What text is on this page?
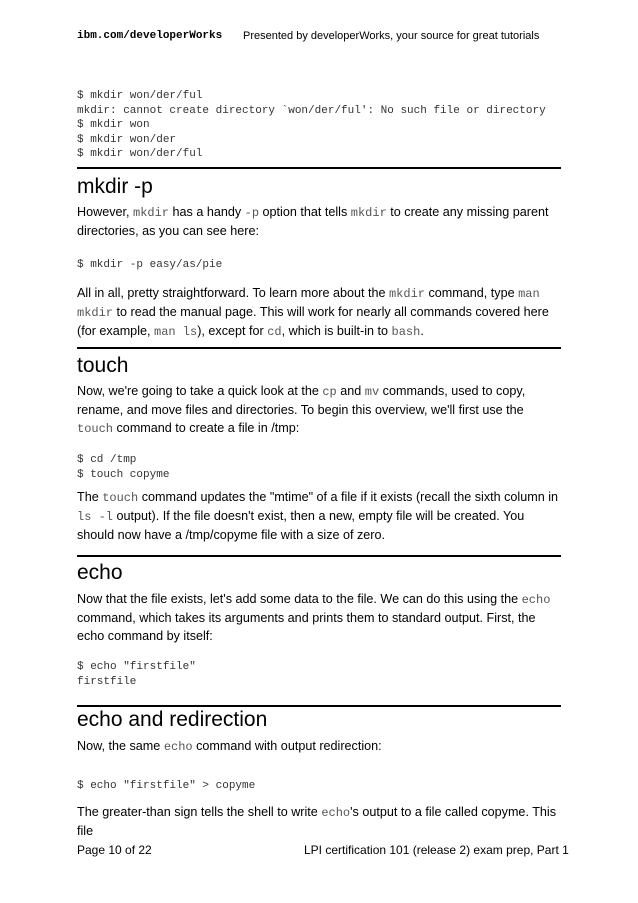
ibm.com/developerWorks Presented by developerWorks, your source for great tutorials
$ mkdir won/der/ful
mkdir: cannot create directory `won/der/ful': No such file or directory
$ mkdir won
$ mkdir won/der
$ mkdir won/der/ful
mkdir -p

However, mkdir has a handy -p option that tells mkdir to create any missing parent directories, as you can see here:

$ mkdir -p easy/as/pie

All in all, pretty straightforward. To learn more about the mkdir command, type man mkdir to read the manual page. This will work for nearly all commands covered here (for example, man ls), except for cd, which is built-in to bash.

touch

Now, we're going to take a quick look at the cp and mv commands, used to copy, rename, and move files and directories. To begin this overview, we'll first use the touch command to create a file in /tmp:

$ cd /tmp
$ touch copyme

The touch command updates the "mtime" of a file if it exists (recall the sixth column in ls -l output). If the file doesn't exist, then a new, empty file will be created. You should now have a /tmp/copyme file with a size of zero.

echo

Now that the file exists, let's add some data to the file. We can do this using the echo command, which takes its arguments and prints them to standard output. First, the echo command by itself:

$ echo "firstfile"
firstfile
echo and redirection

Now, the same echo command with output redirection:

$ echo "firstfile" > copyme

The greater-than sign tells the shell to write echo's output to a file called copyme. This file

Page 10 of 22	LPI certification 101 (release 2) exam prep, Part 1
